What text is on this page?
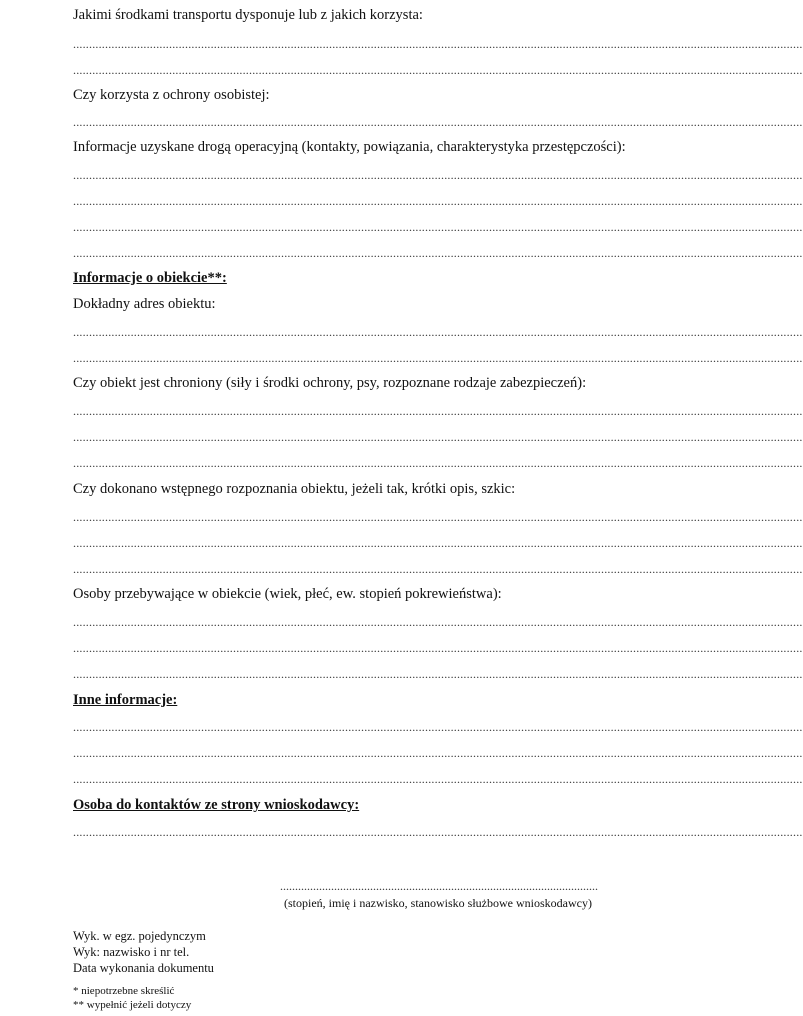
Jakimi środkami transportu dysponuje lub z jakich korzysta:
....................................................................................................................................................................................................................................
....................................................................................................................................................................................................................................
Czy korzysta z ochrony osobistej:
....................................................................................................................................................................................................................................
Informacje uzyskane drogą operacyjną (kontakty, powiązania, charakterystyka przestępczości):
....................................................................................................................................................................................................................................
....................................................................................................................................................................................................................................
....................................................................................................................................................................................................................................
....................................................................................................................................................................................................................................
Informacje o obiekcie**:
Dokładny adres obiektu:
....................................................................................................................................................................................................................................
....................................................................................................................................................................................................................................
Czy obiekt jest chroniony (siły i środki ochrony, psy, rozpoznane rodzaje zabezpieczeń):
....................................................................................................................................................................................................................................
....................................................................................................................................................................................................................................
....................................................................................................................................................................................................................................
Czy dokonano wstępnego rozpoznania obiektu, jeżeli tak, krótki opis, szkic:
....................................................................................................................................................................................................................................
....................................................................................................................................................................................................................................
....................................................................................................................................................................................................................................
Osoby przebywające w obiekcie (wiek, płeć, ew. stopień pokrewieństwa):
....................................................................................................................................................................................................................................
....................................................................................................................................................................................................................................
....................................................................................................................................................................................................................................
Inne informacje:
....................................................................................................................................................................................................................................
....................................................................................................................................................................................................................................
....................................................................................................................................................................................................................................
Osoba do kontaktów ze strony wnioskodawcy:
....................................................................................................................................................................................................................................
..........................................................................................................
(stopień, imię i nazwisko, stanowisko służbowe wnioskodawcy)
Wyk. w egz. pojedynczym
Wyk: nazwisko i nr tel.
Data wykonania dokumentu
* niepotrzebne skreślić
** wypełnić jeżeli dotyczy
